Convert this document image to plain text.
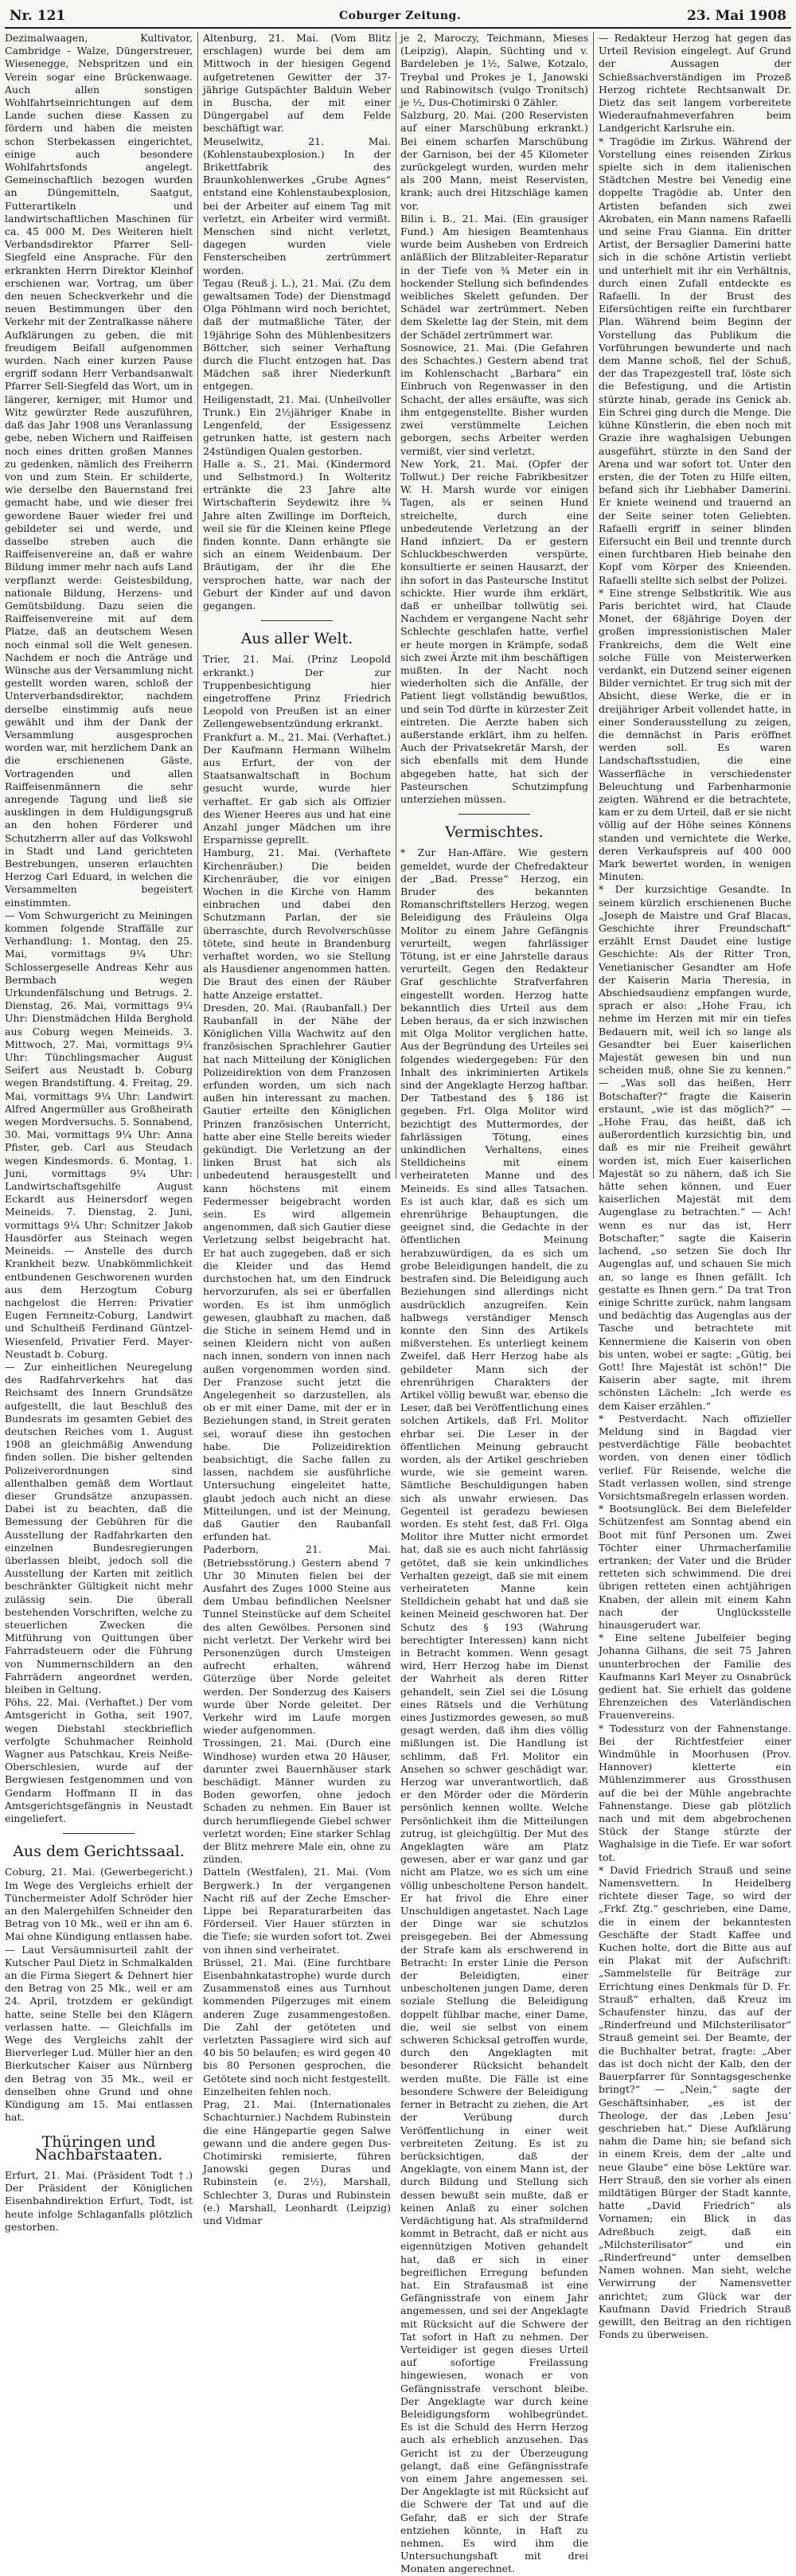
Nr. 121	Coburger Zeitung.	23. Mai 1908

Dezimalwaagen, Kultivator, Cambridge - Walze, Düngerstreuer, Wiesenegge, Nebspritzen und ein Verein sogar eine Brückenwaage. Auch allen sonstigen Wohlfahrtseinrichtungen auf dem Lande suchen diese Kassen zu fördern und haben die meisten schon Sterbekassen eingerichtet, einige auch besondere Wohlfahrtsfonds angelegt. Gemeinschaftlich bezogen wurden an Düngemitteln, Saatgut, Futterartikeln und landwirtschaftlichen Maschinen für ca. 45 000 M. Des Weiteren hielt Verbandsdirektor Pfarrer Sell-Siegfeld eine Ansprache. Für den erkrankten Herrn Direktor Kleinhof erschienen war, Vortrag, um über den neuen Scheckverkehr und die neuen Bestimmungen über den Verkehr mit der Zentralkasse nähere Aufklärungen zu geben, die mit freudigem Beifall aufgenommen wurden. Nach einer kurzen Pause ergriff sodann Herr Verbandsanwalt Pfarrer Sell-Siegfeld das Wort, um in längerer, kerniger, mit Humor und Witz gewürzter Rede auszuführen, daß das Jahr 1908 uns Veranlassung gebe, neben Wichern und Raiffeisen noch eines dritten großen Mannes zu gedenken, nämlich des Freiherrn von und zum Stein. Er schilderte, wie derselbe den Bauernstand frei gemacht habe, und wie dieser frei gewordene Bauer wieder frei und gebildeter sei und werde, und dasselbe streben auch die Raiffeisenvereine an, daß er wahre Bildung immer mehr nach aufs Land verpflanzt werde: Geistesbildung, nationale Bildung, Herzens- und Gemütsbildung. Dazu seien die Raiffeisenvereine mit auf dem Platze, daß an deutschem Wesen noch einmal soll die Welt genesen. Nachdem er noch die Anträge und Wünsche aus der Versammlung nicht gestellt worden waren, schloß der Unterverbandsdirektor, nachdem derselbe einstimmig aufs neue gewählt und ihm der Dank der Versammlung ausgesprochen worden war, mit herzlichem Dank an die erschienenen Gäste, Vortragenden und allen Raiffeisenmännern die sehr anregende Tagung und ließ sie ausklingen in dem Huldigungsgruß an den hohen Förderer und Schutzherrn aller auf das Volkswohl in Stadt und Land gerichteten Bestrebungen, unseren erlauchten Herzog Carl Eduard, in welchen die Versammelten begeistert einstimmten.

— Vom Schwurgericht zu Meiningen kommen folgende Straffälle zur Verhandlung: 1. Montag, den 25. Mai, vormittags 9¼ Uhr: Schlossergeselle Andreas Kehr aus Bermbach wegen Urkundenfälschung und Betrugs. 2. Dienstag, 26. Mai, vormittags 9¼ Uhr: Dienstmädchen Hilda Berghold aus Coburg wegen Meineids. 3. Mittwoch, 27. Mai, vormittags 9¼ Uhr: Tünchlingsmacher August Seifert aus Neustadt b. Coburg wegen Brandstiftung. 4. Freitag, 29. Mai, vormittags 9¼ Uhr: Landwirt Alfred Angermüller aus Großheirath wegen Mordversuchs. 5. Sonnabend, 30. Mai, vormittags 9¼ Uhr: Anna Pfister, geb. Carl aus Steudach wegen Kindesmords. 6. Montag, 1. Juni, vormittags 9¼ Uhr: Landwirtschaftsgehilfe August Eckardt aus Heinersdorf wegen Meineids. 7. Dienstag, 2. Juni, vormittags 9¼ Uhr: Schnitzer Jakob Hausdörfer aus Steinach wegen Meineids. — Anstelle des durch Krankheit bezw. Unabkömmlichkeit entbundenen Geschworenen wurden aus dem Herzogtum Coburg nachgelost die Herren: Privatier Eugen Fernneitz-Coburg, Landwirt und Schultheiß Ferdinand Güntzel-Wiesenfeld, Privatier Ferd. Mayer-Neustadt b. Coburg.

— Zur einheitlichen Neuregelung des Radfahrverkehrs hat das Reichsamt des Innern Grundsätze aufgestellt, die laut Beschluß des Bundesrats im gesamten Gebiet des deutschen Reiches vom 1. August 1908 an gleichmäßig Anwendung finden sollen. Die bisher geltenden Polizeiverordnungen sind allenthalben gemäß dem Wortlaut dieser Grundsätze anzupassen. Dabei ist zu beachten, daß die Bemessung der Gebühren für die Ausstellung der Radfahrkarten den einzelnen Bundesregierungen überlassen bleibt, jedoch soll die Ausstellung der Karten mit zeitlich beschränkter Gültigkeit nicht mehr zulässig sein. Die überall bestehenden Vorschriften, welche zu steuerlichen Zwecken die Mitführung von Quittungen über Fahrradsteuern oder die Führung von Nummernschildern an den Fahrrädern angeordnet werden, bleiben in Geltung.

Pöhs, 22. Mai. (Verhaftet.) Der vom Amtsgericht in Gotha, seit 1907, wegen Diebstahl steckbrieflich verfolgte Schuhmacher Reinhold Wagner aus Patschkau, Kreis Neiße-Oberschlesien, wurde auf der Bergwiesen festgenommen und von Gendarm Hoffmann II in das Amtsgerichtsgefängnis in Neustadt eingeliefert.

Aus dem Gerichtssaal.

Coburg, 21. Mai. (Gewerbegericht.) Im Wege des Vergleichs erhielt der Tünchermeister Adolf Schröder hier an den Malergehilfen Schneider den Betrag von 10 Mk., weil er ihn am 6. Mai ohne Kündigung entlassen habe. — Laut Versäumnisurteil zahlt der Kutscher Paul Dietz in Schmalkalden an die Firma Siegert & Dehnert hier den Betrag von 25 Mk., weil er am 24. April, trotzdem er gekündigt hatte, seine Stelle bei den Klägern verlassen hatte. — Gleichfalls im Wege des Vergleichs zahlt der Bierverleger Lud. Müller hier an den Bierkutscher Kaiser aus Nürnberg den Betrag von 35 Mk., weil er denselben ohne Grund und ohne Kündigung am 15. Mai entlassen hat.

Thüringen und Nachbarstaaten.

Erfurt, 21. Mai. (Präsident Todt †.) Der Präsident der Königlichen Eisenbahndirektion Erfurt, Todt, ist heute infolge Schlaganfalls plötzlich gestorben.

Altenburg, 21. Mai. (Vom Blitz erschlagen) wurde bei dem am Mittwoch in der hiesigen Gegend aufgetretenen Gewitter der 37-jährige Gutspächter Balduin Weber in Buscha, der mit einer Düngergabel auf dem Felde beschäftigt war.

Meuselwitz, 21. Mai. (Kohlenstaubexplosion.) In der Brikettfabrik des Braunkohlenwerkes „Grube Agnes“ entstand eine Kohlenstaubexplosion, bei der Arbeiter auf einem Tag mit verletzt, ein Arbeiter wird vermißt. Menschen sind nicht verletzt, dagegen wurden viele Fensterscheiben zertrümmert worden.

Tegau (Reuß j. L.), 21. Mai. (Zu dem gewaltsamen Tode) der Dienstmagd Olga Pöhlmann wird noch berichtet, daß der mutmaßliche Täter, der 19jährige Sohn des Mühlenbesitzers Böttcher, sich seiner Verhaftung durch die Flucht entzogen hat. Das Mädchen saß ihrer Niederkunft entgegen.

Heiligenstadt, 21. Mai. (Unheilvoller Trunk.) Ein 2½jähriger Knabe in Lengenfeld, der Essigessenz getrunken hatte, ist gestern nach 24stündigen Qualen gestorben.

Halle a. S., 21. Mai. (Kindermord und Selbstmord.) In Wolteritz ertränkte die 23 Jahre alte Wirtschafterin Seydewitz ihre ¾ Jahre alten Zwillinge im Dorfteich, weil sie für die Kleinen keine Pflege finden konnte. Dann erhängte sie sich an einem Weidenbaum. Der Bräutigam, der ihr die Ehe versprochen hatte, war nach der Geburt der Kinder auf und davon gegangen.

Aus aller Welt.

Trier, 21. Mai. (Prinz Leopold erkrankt.) Der zur Truppenbesichtigung hier eingetroffene Prinz Friedrich Leopold von Preußen ist an einer Zellengewebsentzündung erkrankt.

Frankfurt a. M., 21. Mai. (Verhaftet.) Der Kaufmann Hermann Wilhelm aus Erfurt, der von der Staatsanwaltschaft in Bochum gesucht wurde, wurde hier verhaftet. Er gab sich als Offizier des Wiener Heeres aus und hat eine Anzahl junger Mädchen um ihre Ersparnisse geprellt.

Hamburg, 21. Mai. (Verhaftete Kirchenräuber.) Die beiden Kirchenräuber, die vor einigen Wochen in die Kirche von Hamm einbrachen und dabei den Schutzmann Parlan, der sie überraschte, durch Revolverschüsse tötete, sind heute in Brandenburg verhaftet worden, wo sie Stellung als Hausdiener angenommen hatten. Die Braut des einen der Räuber hatte Anzeige erstattet.

Dresden, 20. Mai. (Raubanfall.) Der Raubanfall in der Nähe der Königlichen Villa Wachwitz auf den französischen Sprachlehrer Gautier hat nach Mitteilung der Königlichen Polizeidirektion von dem Franzosen erfunden worden, um sich nach außen hin interessant zu machen. Gautier erteilte den Königlichen Prinzen französischen Unterricht, hatte aber eine Stelle bereits wieder gekündigt. Die Verletzung an der linken Brust hat sich als unbedeutend herausgestellt und kann höchstens mit einem Federmesser beigebracht worden sein. Es wird allgemein angenommen, daß sich Gautier diese Verletzung selbst beigebracht hat. Er hat auch zugegeben, daß er sich die Kleider und das Hemd durchstochen hat, um den Eindruck hervorzurufen, als sei er überfallen worden. Es ist ihm unmöglich gewesen, glaubhaft zu machen, daß die Stiche in seinem Hemd und in seinen Kleidern nicht von außen nach innen, sondern von innen nach außen vorgenommen worden sind. Der Franzose sucht jetzt die Angelegenheit so darzustellen, als ob er mit einer Dame, mit der er in Beziehungen stand, in Streit geraten sei, worauf diese ihn gestochen habe. Die Polizeidirektion beabsichtigt, die Sache fallen zu lassen, nachdem sie ausführliche Untersuchung eingeleitet hatte, glaubt jedoch auch nicht an diese Mitteilungen, und ist der Meinung, daß Gautier den Raubanfall erfunden hat.

Paderborn, 21. Mai. (Betriebsstörung.) Gestern abend 7 Uhr 30 Minuten fielen bei der Ausfahrt des Zuges 1000 Steine aus dem Umbau befindlichen Neelsner Tunnel Steinstücke auf dem Scheitel des alten Gewölbes. Personen sind nicht verletzt. Der Verkehr wird bei Personenzügen durch Umsteigen aufrecht erhalten, während Güterzüge über Norde geleitet werden. Der Sonderzug des Kaisers wurde über Norde geleitet. Der Verkehr wird im Laufe morgen wieder aufgenommen.

Trossingen, 21. Mai. (Durch eine Windhose) wurden etwa 20 Häuser, darunter zwei Bauernhäuser stark beschädigt. Männer wurden zu Boden geworfen, ohne jedoch Schaden zu nehmen. Ein Bauer ist durch herumfliegende Giebel schwer verletzt worden; Eine starker Schlag der Blitz mehrere Male ein, ohne zu zünden.

Datteln (Westfalen), 21. Mai. (Vom Bergwerk.) In der vergangenen Nacht riß auf der Zeche Emscher-Lippe bei Reparaturarbeiten das Förderseil. Vier Hauer stürzten in die Tiefe; sie wurden sofort tot. Zwei von ihnen sind verheiratet.

Brüssel, 21. Mai. (Eine furchtbare Eisenbahnkatastrophe) wurde durch Zusammenstoß eines aus Turnhout kommenden Pilgerzuges mit einem anderen Zuge zusammengestoßen. Die Zahl der getöteten und verletzten Passagiere wird sich auf 40 bis 50 belaufen; es wird gegen 40 bis 80 Personen gesprochen, die Getötete sind noch nicht festgestellt. Einzelheiten fehlen noch.

Prag, 21. Mai. (Internationales Schachturnier.) Nachdem Rubinstein die eine Hängepartie gegen Salwe gewann und die andere gegen Dus-Chotimirski remisierte, führen Janowski gegen Duras und Rubinstein (e. 2½), Marshall, Schlechter 3, Duras und Rubinstein (e.) Marshall, Leonhardt (Leipzig) und Vidmar

je 2, Maroczy, Teichmann, Mieses (Leipzig), Alapin, Süchting und v. Bardeleben je 1½, Salwe, Kotzalo, Treybal und Prokes je 1, Janowski und Rabinowitsch (vulgo Tronitsch) je ½, Dus-Chotimirski 0 Zähler.

Salzburg, 20. Mai. (200 Reservisten auf einer Marschübung erkrankt.) Bei einem scharfen Marschübung der Garnison, bei der 45 Kilometer zurückgelegt wurden, wurden mehr als 200 Mann, meist Reservisten, krank; auch drei Hitzschläge kamen vor.

Bilin i. B., 21. Mai. (Ein grausiger Fund.) Am hiesigen Beamtenhaus wurde beim Ausheben von Erdreich anläßlich der Blitzableiter-Reparatur in der Tiefe von ¾ Meter ein in hockender Stellung sich befindendes weibliches Skelett gefunden. Der Schädel war zertrümmert. Neben dem Skelette lag der Stein, mit dem der Schädel zertrümmert war.

Sosnowice, 21. Mai. (Die Gefahren des Schachtes.) Gestern abend trat im Kohlenschacht „Barbara“ ein Einbruch von Regenwasser in den Schacht, der alles ersäufte, was sich ihm entgegenstellte. Bisher wurden zwei verstümmelte Leichen geborgen, sechs Arbeiter werden vermißt, vier sind verletzt.

New York, 21. Mai. (Opfer der Tollwut.) Der reiche Fabrikbesitzer W. H. Marsh wurde vor einigen Tagen, als er seinen Hund streichelte, durch eine unbedeutende Verletzung an der Hand infiziert. Da er gestern Schluckbeschwerden verspürte, konsultierte er seinen Hausarzt, der ihn sofort in das Pasteursche Institut schickte. Hier wurde ihm erklärt, daß er unheilbar tollwütig sei. Nachdem er vergangene Nacht sehr Schlechte geschlafen hatte, verfiel er heute morgen in Krämpfe, sodaß sich zwei Ärzte mit ihm beschäftigen mußten. In der Nacht noch wiederholten sich die Anfälle, der Patient liegt vollständig bewußtlos, und sein Tod dürfte in kürzester Zeit eintreten. Die Aerzte haben sich außerstande erklärt, ihm zu helfen. Auch der Privatsekretär Marsh, der sich ebenfalls mit dem Hunde abgegeben hatte, hat sich der Pasteurschen Schutzimpfung unterziehen müssen.

Vermischtes.

* Zur Han-Affäre. Wie gestern gemeldet, wurde der Chefredakteur der „Bad. Presse“ Herzog, ein Bruder des bekannten Romanschriftstellers Herzog, wegen Beleidigung des Fräuleins Olga Molitor zu einem Jahre Gefängnis verurteilt, wegen fahrlässiger Tötung, ist er eine Jahrstelle daraus verurteilt. Gegen den Redakteur Graf geschlichte Strafverfahren eingestellt worden. Herzog hatte bekanntlich dies Urteil aus dem Leben heraus, da er sich inzwischen mit Olga Molitor verglichen hatte. Aus der Begründung des Urteiles sei folgendes wiedergegeben: Für den Inhalt des inkriminierten Artikels sind der Angeklagte Herzog haftbar. Der Tatbestand des § 186 ist gegeben. Frl. Olga Molitor wird bezichtigt des Muttermordes, der fahrlässigen Tötung, eines unkindlichen Verhaltens, eines Stelldicheins mit einem verheirateten Manne und des Meineids. Es sind alles Tatsachen. Es ist auch klar, daß es sich um ehrenrührige Behauptungen, die geeignet sind, die Gedachte in der öffentlichen Meinung herabzuwürdigen, da es sich um grobe Beleidigungen handelt, die zu bestrafen sind. Die Beleidigung auch Beziehungen sind allerdings nicht ausdrücklich anzugreifen. Kein halbwegs verständiger Mensch konnte den Sinn des Artikels mißverstehen. Es unterliegt keinem Zweifel, daß Herr Herzog habe als gebildeter Mann sich der ehrenrührigen Charakters der Artikel völlig bewußt war, ebenso die Leser, daß bei Veröffentlichung eines solchen Artikels, daß Frl. Molitor ehrbar sei. Die Leser in der öffentlichen Meinung gebraucht worden, als der Artikel geschrieben wurde, wie sie gemeint waren. Sämtliche Beschuldigungen haben sich als unwahr erwiesen. Das Gegenteil ist geradezu bewiesen worden. Es steht fest, daß Frl. Olga Molitor ihre Mutter nicht ermordet hat, daß sie es auch nicht fahrlässig getötet, daß sie kein unkindliches Verhalten gezeigt, daß sie mit einem verheirateten Manne kein Stelldichein gehabt hat und daß sie keinen Meineid geschworen hat. Der Schutz des § 193 (Wahrung berechtigter Interessen) kann nicht in Betracht kommen. Wenn gesagt wird, Herr Herzog habe im Dienst der Wahrheit als deren Ritter gehandelt, sein Ziel sei die Lösung eines Rätsels und die Verhütung eines Justizmordes gewesen, so muß gesagt werden, daß ihm dies völlig mißlungen ist. Die Handlung ist schlimm, daß Frl. Molitor ein Ansehen so schwer geschädigt war. Herzog war unverantwortlich, daß er den Mörder oder die Mörderin persönlich kennen wollte. Welche Persönlichkeit ihm die Mitteilungen zutrug, ist gleichgültig. Der Mut des Angeklagten wäre am Platz gewesen, aber er war ganz und gar nicht am Platze, wo es sich um eine völlig unbescholtene Person handelt. Er hat frivol die Ehre einer Unschuldigen angetastet. Nach Lage der Dinge war sie schutzlos preisgegeben. Bei der Abmessung der Strafe kam als erschwerend in Betracht: In erster Linie die Person der Beleidigten, einer unbescholtenen jungen Dame, deren soziale Stellung die Beleidigung doppelt fühlbar mache, einer Dame, die, weil sie selbst von einem schweren Schicksal getroffen wurde, durch den Angeklagten mit besonderer Rücksicht behandelt werden mußte. Die Fälle ist eine besondere Schwere der Beleidigung ferner in Betracht zu ziehen, die Art der Verübung durch Veröffentlichung in einer weit verbreiteten Zeitung. Es ist zu berücksichtigen, daß der Angeklagte, von einem Mann ist, der durch Bildung und Stellung sich dessen bewußt sein mußte, daß er keinen Anlaß zu einer solchen Verdächtigung hat. Als strafmildernd kommt in Betracht, daß er nicht aus eigennützigen Motiven gehandelt hat, daß er sich in einer begreiflichen Erregung befunden hat. Ein Strafausmaß ist eine Gefängnisstrafe von einem Jahr angemessen, und sei der Angeklagte mit Rücksicht auf die Schwere der Tat sofort in Haft zu nehmen. Der Verteidiger ist gegen dieses Urteil auf sofortige Freilassung hingewiesen, wonach er von Gefängnisstrafe verschont bleibe. Der Angeklagte war durch keine Beleidigungsform wohlbegründet. Es ist die Schuld des Herrn Herzog auch als erheblich anzusehen. Das Gericht ist zu der Überzeugung gelangt, daß eine Gefängnisstrafe von einem Jahre angemessen sei. Der Angeklagte ist mit Rücksicht auf die Schwere der Tat und auf die Gefahr, daß er sich der Strafe entziehen könnte, in Haft zu nehmen. Es wird ihm die Untersuchungshaft mit drei Monaten angerechnet.

— Redakteur Herzog hat gegen das Urteil Revision eingelegt. Auf Grund der Aussagen der Schießsachverständigen im Prozeß Herzog richtete Rechtsanwalt Dr. Dietz das seit langem vorbereitete Wiederaufnahmeverfahren beim Landgericht Karlsruhe ein.

* Tragödie im Zirkus. Während der Vorstellung eines reisenden Zirkus spielte sich in dem italienischen Städtchen Mestre bei Venedig eine doppelte Tragödie ab. Unter den Artisten befanden sich zwei Akrobaten, ein Mann namens Rafaelli und seine Frau Gianna. Ein dritter Artist, der Bersaglier Damerini hatte sich in die schöne Artistin verliebt und unterhielt mit ihr ein Verhältnis, durch einen Zufall entdeckte es Rafaelli. In der Brust des Eifersüchtigen reifte ein furchtbarer Plan. Während beim Beginn der Vorstellung das Publikum die Vorführungen bewunderte und nach dem Manne schoß, fiel der Schuß, der das Trapezgestell traf, löste sich die Befestigung, und die Artistin stürzte hinab, gerade ins Genick ab. Ein Schrei ging durch die Menge. Die kühne Künstlerin, die eben noch mit Grazie ihre waghalsigen Uebungen ausgeführt, stürzte in den Sand der Arena und war sofort tot. Unter den ersten, die der Toten zu Hilfe eilten, befand sich ihr Liebhaber Damerini. Er kniete weinend und trauernd an der Seite seiner toten Geliebten. Rafaelli ergriff in seiner blinden Eifersucht ein Beil und trennte durch einen furchtbaren Hieb beinahe den Kopf vom Körper des Knieenden. Rafaelli stellte sich selbst der Polizei.

* Eine strenge Selbstkritik. Wie aus Paris berichtet wird, hat Claude Monet, der 68jährige Doyen der großen impressionistischen Maler Frankreichs, dem die Welt eine solche Fülle von Meisterwerken verdankt, ein Dutzend seiner eigenen Bilder vernichtet. Er trug sich mit der Absicht, diese Werke, die er in dreijähriger Arbeit vollendet hatte, in einer Sonderausstellung zu zeigen, die demnächst in Paris eröffnet werden soll. Es waren Landschaftsstudien, die eine Wasserfläche in verschiedenster Beleuchtung und Farbenharmonie zeigten. Während er die betrachtete, kam er zu dem Urteil, daß er sie nicht völlig auf der Höhe seines Könnens standen und vernichtete die Werke, deren Verkaufspreis auf 400 000 Mark bewertet worden, in wenigen Minuten.

* Der kurzsichtige Gesandte. In seinem kürzlich erschienenen Buche „Joseph de Maistre und Graf Blacas, Geschichte ihrer Freundschaft“ erzählt Ernst Daudet eine lustige Geschichte: Als der Ritter Tron, Venetianischer Gesandter am Hofe der Kaiserin Maria Theresia, in Abschiedsaudienz empfangen wurde, sprach er also: „Hohe Frau, ich nehme im Herzen mit mir ein tiefes Bedauern mit, weil ich so lange als Gesandter bei Euer kaiserlichen Majestät gewesen bin und nun scheiden muß, ohne Sie zu kennen.“ — „Was soll das heißen, Herr Botschafter?“ fragte die Kaiserin erstaunt, „wie ist das möglich?“ — „Hohe Frau, das heißt, daß ich außerordentlich kurzsichtig bin, und daß es mir nie Freiheit gewährt worden ist, mich Euer kaiserlichen Majestät so zu nähern, daß ich Sie hätte sehen können, und Euer kaiserlichen Majestät mit dem Augenglase zu betrachten.“ — Ach! wenn es nur das ist, Herr Botschafter,“ sagte die Kaiserin lachend, „so setzen Sie doch Ihr Augenglas auf, und schauen Sie mich an, so lange es Ihnen gefällt. Ich gestatte es Ihnen gern.“ Da trat Tron einige Schritte zurück, nahm langsam und bedächtig das Augenglas aus der Tasche und betrachtete mit Kennermiene die Kaiserin von oben bis unten, wobei er sagte: „Gütig, bei Gott! Ihre Majestät ist schön!“ Die Kaiserin aber sagte, mit ihrem schönsten Lächeln: „Ich werde es dem Kaiser erzählen.“

* Pestverdacht. Nach offizieller Meldung sind in Bagdad vier pestverdächtige Fälle beobachtet worden, von denen einer tödlich verlief. Für Reisende, welche die Stadt verlassen wollen, sind strenge Vorsichtsmaßregeln erlassen worden.

* Bootsunglück. Bei dem Bielefelder Schützenfest am Sonntag abend ein Boot mit fünf Personen um. Zwei Töchter einer Uhrmacherfamilie ertranken; der Vater und die Brüder retteten sich schwimmend. Die drei übrigen retteten einen achtjährigen Knaben, der allein mit einem Kahn nach der Unglücksstelle hinausgerudert war.

* Eine seltene Jubelfeier beging Johanna Gilhans, die seit 75 Jahren ununterbrochen der Familie des Kaufmanns Karl Meyer zu Osnabrück gedient hat. Sie erhielt das goldene Ehrenzeichen des Vaterländischen Frauenvereins.

* Todessturz von der Fahnenstange. Bei der Richtfestfeier einer Windmühle in Moorhusen (Prov. Hannover) kletterte ein Mühlenzimmerer aus Grossthusen auf die bei der Mühle angebrachte Fahnenstange. Diese gab plötzlich nach und mit dem abgebrochenen Stück der Stange stürzte der Waghalsige in die Tiefe. Er war sofort tot.

* David Friedrich Strauß und seine Namensvettern. In Heidelberg richtete dieser Tage, so wird der „Frkf. Ztg.“ geschrieben, eine Dame, die in einem der bekanntesten Geschäfte der Stadt Kaffee und Kuchen holte, dort die Bitte aus auf ein Plakat mit der Aufschrift: „Sammelstelle für Beiträge zur Errichtung eines Denkmals für D. Fr. Strauß“ erhalten, daß Kreuz im Schaufenster hinzu, das auf der „Rinderfreund und Milchsterilisator“ Strauß gemeint sei. Der Beamte, der die Buchhalter betrat, fragte: „Aber das ist doch nicht der Kalb, den der Bauerpfarrer für Sonntagsgeschenke bringt?“ — „Nein,“ sagte der Geschäftsinhaber, „es ist der Theologe, der das ‚Leben Jesu‘ geschrieben hat.“ Diese Aufklärung nahm die Dame hin; sie befand sich in einem Kreis, dem der „alte und neue Glaube“ eine böse Lektüre war. Herr Strauß, den sie vorher als einen mildtätigen Bürger der Stadt kannte, hatte „David Friedrich“ als Vornamen; ein Blick in das Adreßbuch zeigt, daß ein „Milchsterilisator“ und ein „Rinderfreund“ unter demselben Namen wohnen. Man sieht, welche Verwirrung der Namensvetter anrichtet; zum Glück war der Kaufmann David Friedrich Strauß gewillt, den Beitrag an den richtigen Fonds zu überweisen.
